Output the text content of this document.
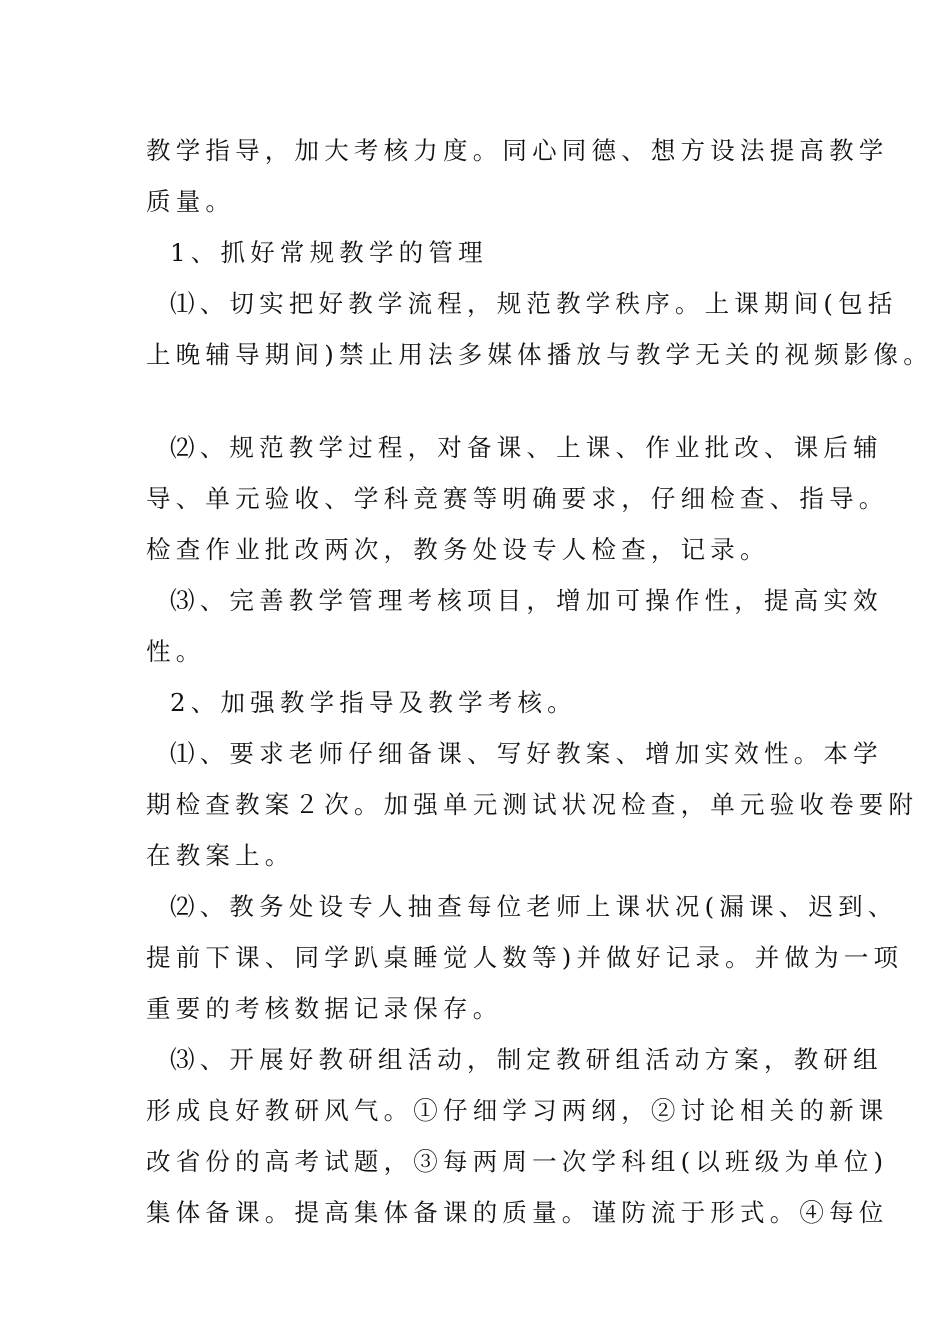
教学指导，加大考核力度。同心同德、想方设法提高教学
质量。
1、抓好常规教学的管理
⑴、切实把好教学流程，规范教学秩序。上课期间(包括
上晚辅导期间)禁止用法多媒体播放与教学无关的视频影像。
⑵、规范教学过程，对备课、上课、作业批改、课后辅
导、单元验收、学科竞赛等明确要求，仔细检查、指导。
检查作业批改两次，教务处设专人检查，记录。
⑶、完善教学管理考核项目，增加可操作性，提高实效
性。
2、加强教学指导及教学考核。
⑴、要求老师仔细备课、写好教案、增加实效性。本学
期检查教案２次。加强单元测试状况检查，单元验收卷要附
在教案上。
⑵、教务处设专人抽查每位老师上课状况(漏课、迟到、
提前下课、同学趴桌睡觉人数等)并做好记录。并做为一项
重要的考核数据记录保存。
⑶、开展好教研组活动，制定教研组活动方案，教研组
形成良好教研风气。①仔细学习两纲，②讨论相关的新课
改省份的高考试题，③每两周一次学科组(以班级为单位)
集体备课。提高集体备课的质量。谨防流于形式。④每位
